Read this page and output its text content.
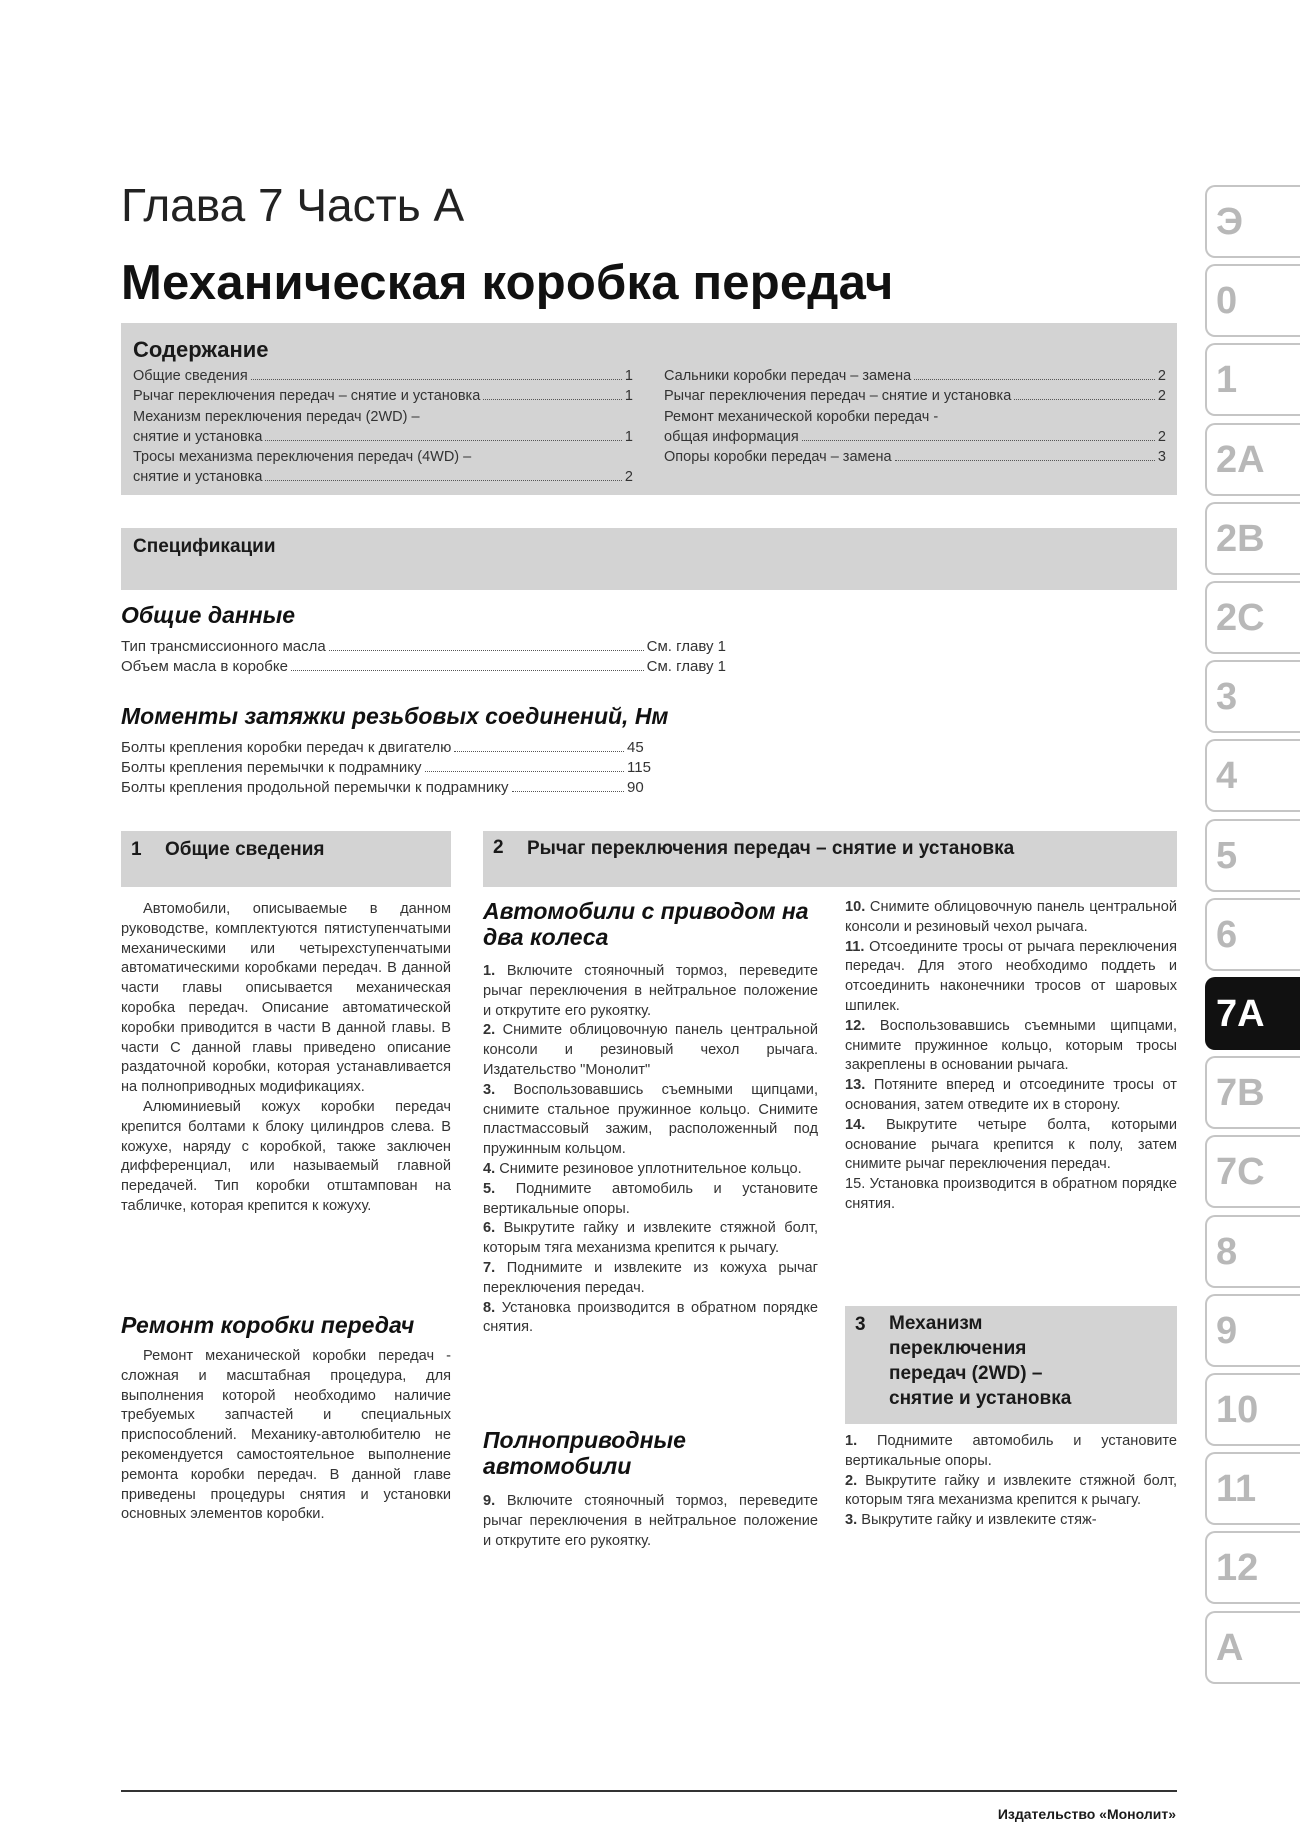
Глава 7 Часть А
Механическая коробка передач
Содержание
Общие сведения	1
Рычаг переключения передач – снятие и установка	1
Механизм переключения передач (2WD) –
снятие и установка	1
Тросы механизма переключения передач (4WD) –
снятие и установка	2
Сальники коробки передач – замена	2
Рычаг переключения передач – снятие и установка	2
Ремонт механической коробки передач -
общая информация	2
Опоры коробки передач – замена	3
Спецификации
Общие данные
Тип трансмиссионного масла	См. главу 1
Объем масла в коробке	См. главу 1
Моменты затяжки резьбовых соединений, Нм
Болты крепления коробки передач к двигателю	45
Болты крепления перемычки к подрамнику	115
Болты крепления продольной перемычки к подрамнику	90
1 Общие сведения

Автомобили, описываемые в данном руководстве, комплектуются пятиступенчатыми механическими или четырехступенчатыми автоматическими коробками передач. В данной части главы описывается механическая коробка передач. Описание автоматической коробки приводится в части В данной главы. В части С данной главы приведено описание раздаточной коробки, которая устанавливается на полноприводных модификациях.

Алюминиевый кожух коробки передач крепится болтами к блоку цилиндров слева. В кожухе, наряду с коробкой, также заключен дифференциал, или называемый главной передачей. Тип коробки отштампован на табличке, которая крепится к кожуху.

Ремонт коробки передач

Ремонт механической коробки передач - сложная и масштабная процедура, для выполнения которой необходимо наличие требуемых запчастей и специальных приспособлений. Механику-автолюбителю не рекомендуется самостоятельное выполнение ремонта коробки передач. В данной главе приведены процедуры снятия и установки основных элементов коробки.

2 Рычаг переключения передач – снятие и установка
Автомобили с приводом на два колеса

1. Включите стояночный тормоз, переведите рычаг переключения в нейтральное положение и открутите его рукоятку.

2. Снимите облицовочную панель центральной консоли и резиновый чехол рычага. Издательство "Монолит"

3. Воспользовавшись съемными щипцами, снимите стальное пружинное кольцо. Снимите пластмассовый зажим, расположенный под пружинным кольцом.

4. Снимите резиновое уплотнительное кольцо.

5. Поднимите автомобиль и установите вертикальные опоры.

6. Выкрутите гайку и извлеките стяжной болт, которым тяга механизма крепится к рычагу.

7. Поднимите и извлеките из кожуха рычаг переключения передач.

8. Установка производится в обратном порядке снятия.

Полноприводные автомобили

9. Включите стояночный тормоз, переведите рычаг переключения в нейтральное положение и открутите его рукоятку.

10. Снимите облицовочную панель центральной консоли и резиновый чехол рычага.

11. Отсоедините тросы от рычага переключения передач. Для этого необходимо поддеть и отсоединить наконечники тросов от шаровых шпилек.

12. Воспользовавшись съемными щипцами, снимите пружинное кольцо, которым тросы закреплены в основании рычага.

13. Потяните вперед и отсоедините тросы от основания, затем отведите их в сторону.

14. Выкрутите четыре болта, которыми основание рычага крепится к полу, затем снимите рычаг переключения передач.

15. Установка производится в обратном порядке снятия.

3 Механизм
переключения
передач (2WD) –
снятие и установка

1. Поднимите автомобиль и установите вертикальные опоры.

2. Выкрутите гайку и извлеките стяжной болт, которым тяга механизма крепится к рычагу.

3. Выкрутите гайку и извлеките стяж-

Э
0
1
2A
2B
2C
3
4
5
6
7A
7B
7C
8
9
10
11
12
A
Издательство «Монолит»
